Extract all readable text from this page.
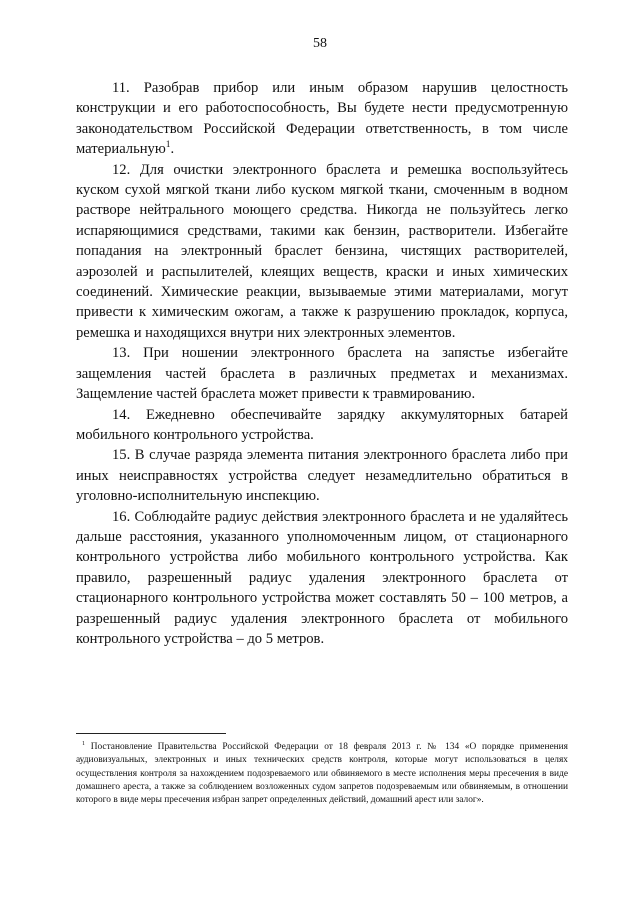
58

11. Разобрав прибор или иным образом нарушив целостность конструкции и его работоспособность, Вы будете нести предусмотренную законодательством Российской Федерации ответственность, в том числе материальную$^1$.

12. Для очистки электронного браслета и ремешка воспользуйтесь куском сухой мягкой ткани либо куском мягкой ткани, смоченным в водном растворе нейтрального моющего средства. Никогда не пользуйтесь легко испаряющимися средствами, такими как бензин, растворители. Избегайте попадания на электронный браслет бензина, чистящих растворителей, аэрозолей и распылителей, клеящих веществ, краски и иных химических соединений. Химические реакции, вызываемые этими материалами, могут привести к химическим ожогам, а также к разрушению прокладок, корпуса, ремешка и находящихся внутри них электронных элементов.

13. При ношении электронного браслета на запястье избегайте защемления частей браслета в различных предметах и механизмах. Защемление частей браслета может привести к травмированию.

14. Ежедневно обеспечивайте зарядку аккумуляторных батарей мобильного контрольного устройства.

15. В случае разряда элемента питания электронного браслета либо при иных неисправностях устройства следует незамедлительно обратиться в уголовно-исполнительную инспекцию.

16. Соблюдайте радиус действия электронного браслета и не удаляйтесь дальше расстояния, указанного уполномоченным лицом, от стационарного контрольного устройства либо мобильного контрольного устройства. Как правило, разрешенный радиус удаления электронного браслета от стационарного контрольного устройства может составлять 50 – 100 метров, а разрешенный радиус удаления электронного браслета от мобильного контрольного устройства – до 5 метров.

$^1$ Постановление Правительства Российской Федерации от 18 февраля 2013 г. № 134 «О порядке применения аудиовизуальных, электронных и иных технических средств контроля, которые могут использоваться в целях осуществления контроля за нахождением подозреваемого или обвиняемого в месте исполнения меры пресечения в виде домашнего ареста, а также за соблюдением возложенных судом запретов подозреваемым или обвиняемым, в отношении которого в виде меры пресечения избран запрет определенных действий, домашний арест или залог».
